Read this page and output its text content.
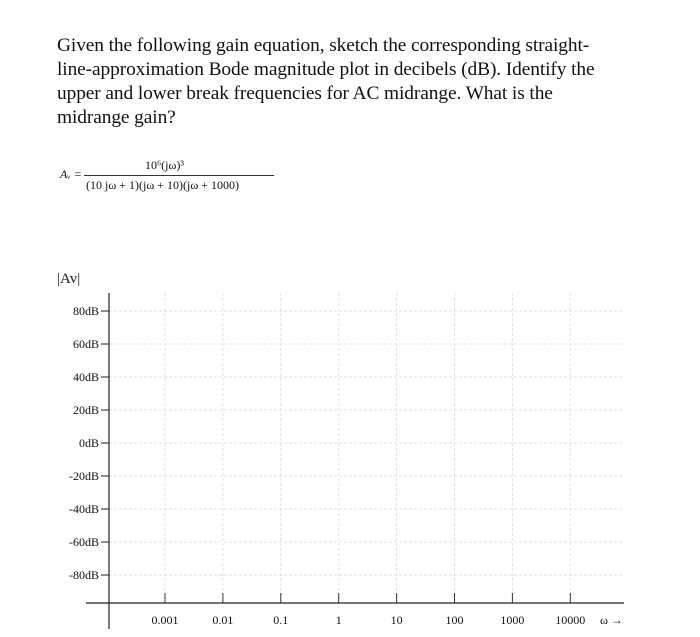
Given the following gain equation, sketch the corresponding straight-
line-approximation Bode magnitude plot in decibels (dB). Identify the
upper and lower break frequencies for AC midrange. What is the
midrange gain?
Aᵥ =
10⁶(jω)³
(10 jω + 1)(jω + 10)(jω + 1000)
|Av|
80dB
60dB
40dB
20dB
0dB
-20dB
-40dB
-60dB
-80dB
0.001	0.01	0.1	1	10	100	1000	10000 ω →
